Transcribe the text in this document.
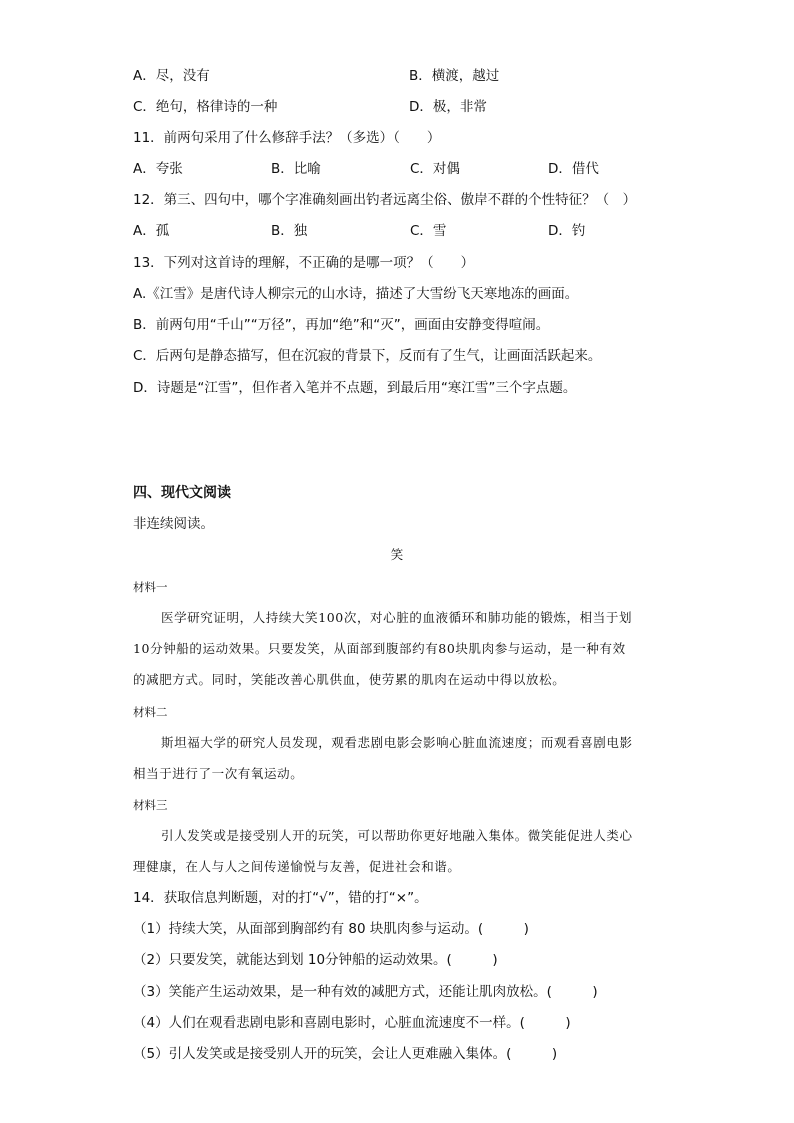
A．尽，没有	B．横渡，越过
C．绝句，格律诗的一种	D．极，非常
11．前两句采用了什么修辞手法？（多选）（　　）
A．夸张	B．比喻	C．对偶	D．借代
12．第三、四句中，哪个字准确刻画出钓者远离尘俗、傲岸不群的个性特征？（　）
A．孤	B．独	C．雪	D．钓
13．下列对这首诗的理解，不正确的是哪一项？（　　）
A.《江雪》是唐代诗人柳宗元的山水诗，描述了大雪纷飞天寒地冻的画面。
B．前两句用“千山”“万径”，再加“绝”和“灭”，画面由安静变得喧闹。
C．后两句是静态描写，但在沉寂的背景下，反而有了生气，让画面活跃起来。
D．诗题是“江雪”，但作者入笔并不点题，到最后用“寒江雪”三个字点题。
四、现代文阅读
非连续阅读。
笑
材料一
医学研究证明，人持续大笑100次，对心脏的血液循环和肺功能的锻炼，相当于划
10分钟船的运动效果。只要发笑，从面部到腹部约有80块肌肉参与运动，是一种有效
的减肥方式。同时，笑能改善心肌供血，使劳累的肌肉在运动中得以放松。
材料二
斯坦福大学的研究人员发现，观看悲剧电影会影响心脏血流速度；而观看喜剧电影
相当于进行了一次有氧运动。
材料三
引人发笑或是接受别人开的玩笑，可以帮助你更好地融入集体。微笑能促进人类心
理健康，在人与人之间传递愉悦与友善，促进社会和谐。
14．获取信息判断题，对的打“√”，错的打“×”。
（1）持续大笑，从面部到胸部约有 80 块肌肉参与运动。(　　　)
（2）只要发笑，就能达到划 10分钟船的运动效果。(　　　)
（3）笑能产生运动效果，是一种有效的减肥方式，还能让肌肉放松。(　　　)
（4）人们在观看悲剧电影和喜剧电影时，心脏血流速度不一样。(　　　)
（5）引人发笑或是接受别人开的玩笑，会让人更难融入集体。(　　　)
